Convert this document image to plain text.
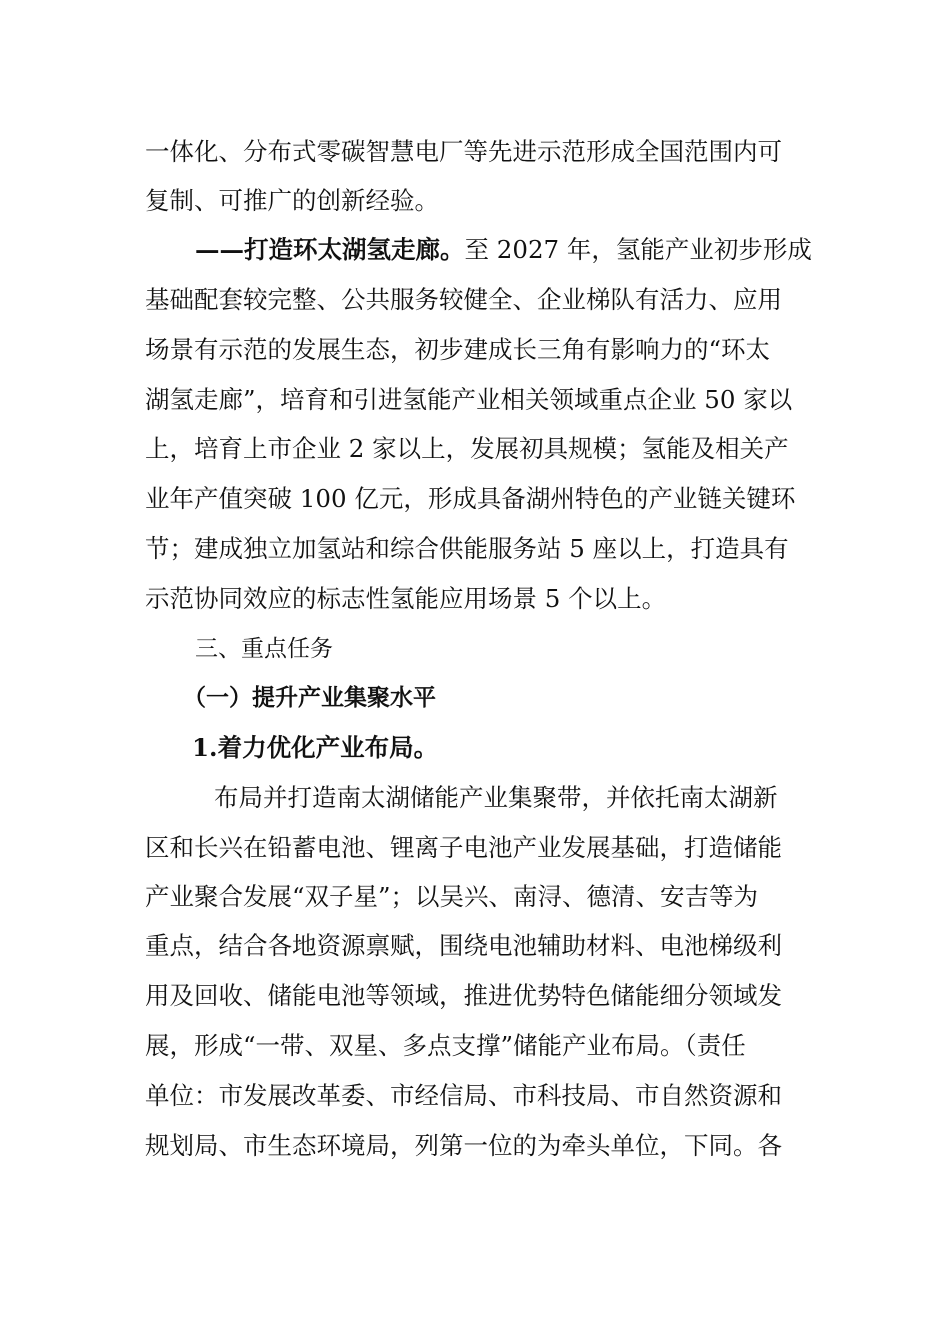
一体化、分布式零碳智慧电厂等先进示范形成全国范围内可
复制、可推广的创新经验。
——打造环太湖氢走廊。至 2027 年，氢能产业初步形成
基础配套较完整、公共服务较健全、企业梯队有活力、应用
场景有示范的发展生态，初步建成长三角有影响力的“环太
湖氢走廊”，培育和引进氢能产业相关领域重点企业 50 家以
上，培育上市企业 2 家以上，发展初具规模；氢能及相关产
业年产值突破 100 亿元，形成具备湖州特色的产业链关键环
节；建成独立加氢站和综合供能服务站 5 座以上，打造具有
示范协同效应的标志性氢能应用场景 5 个以上。
三、重点任务
（一）提升产业集聚水平
1.着力优化产业布局。
布局并打造南太湖储能产业集聚带，并依托南太湖新
区和长兴在铅蓄电池、锂离子电池产业发展基础，打造储能
产业聚合发展“双子星”；以吴兴、南浔、德清、安吉等为
重点，结合各地资源禀赋，围绕电池辅助材料、电池梯级利
用及回收、储能电池等领域，推进优势特色储能细分领域发
展，形成“一带、双星、多点支撑”储能产业布局。（责任
单位：市发展改革委、市经信局、市科技局、市自然资源和
规划局、市生态环境局，列第一位的为牵头单位，下同。各
